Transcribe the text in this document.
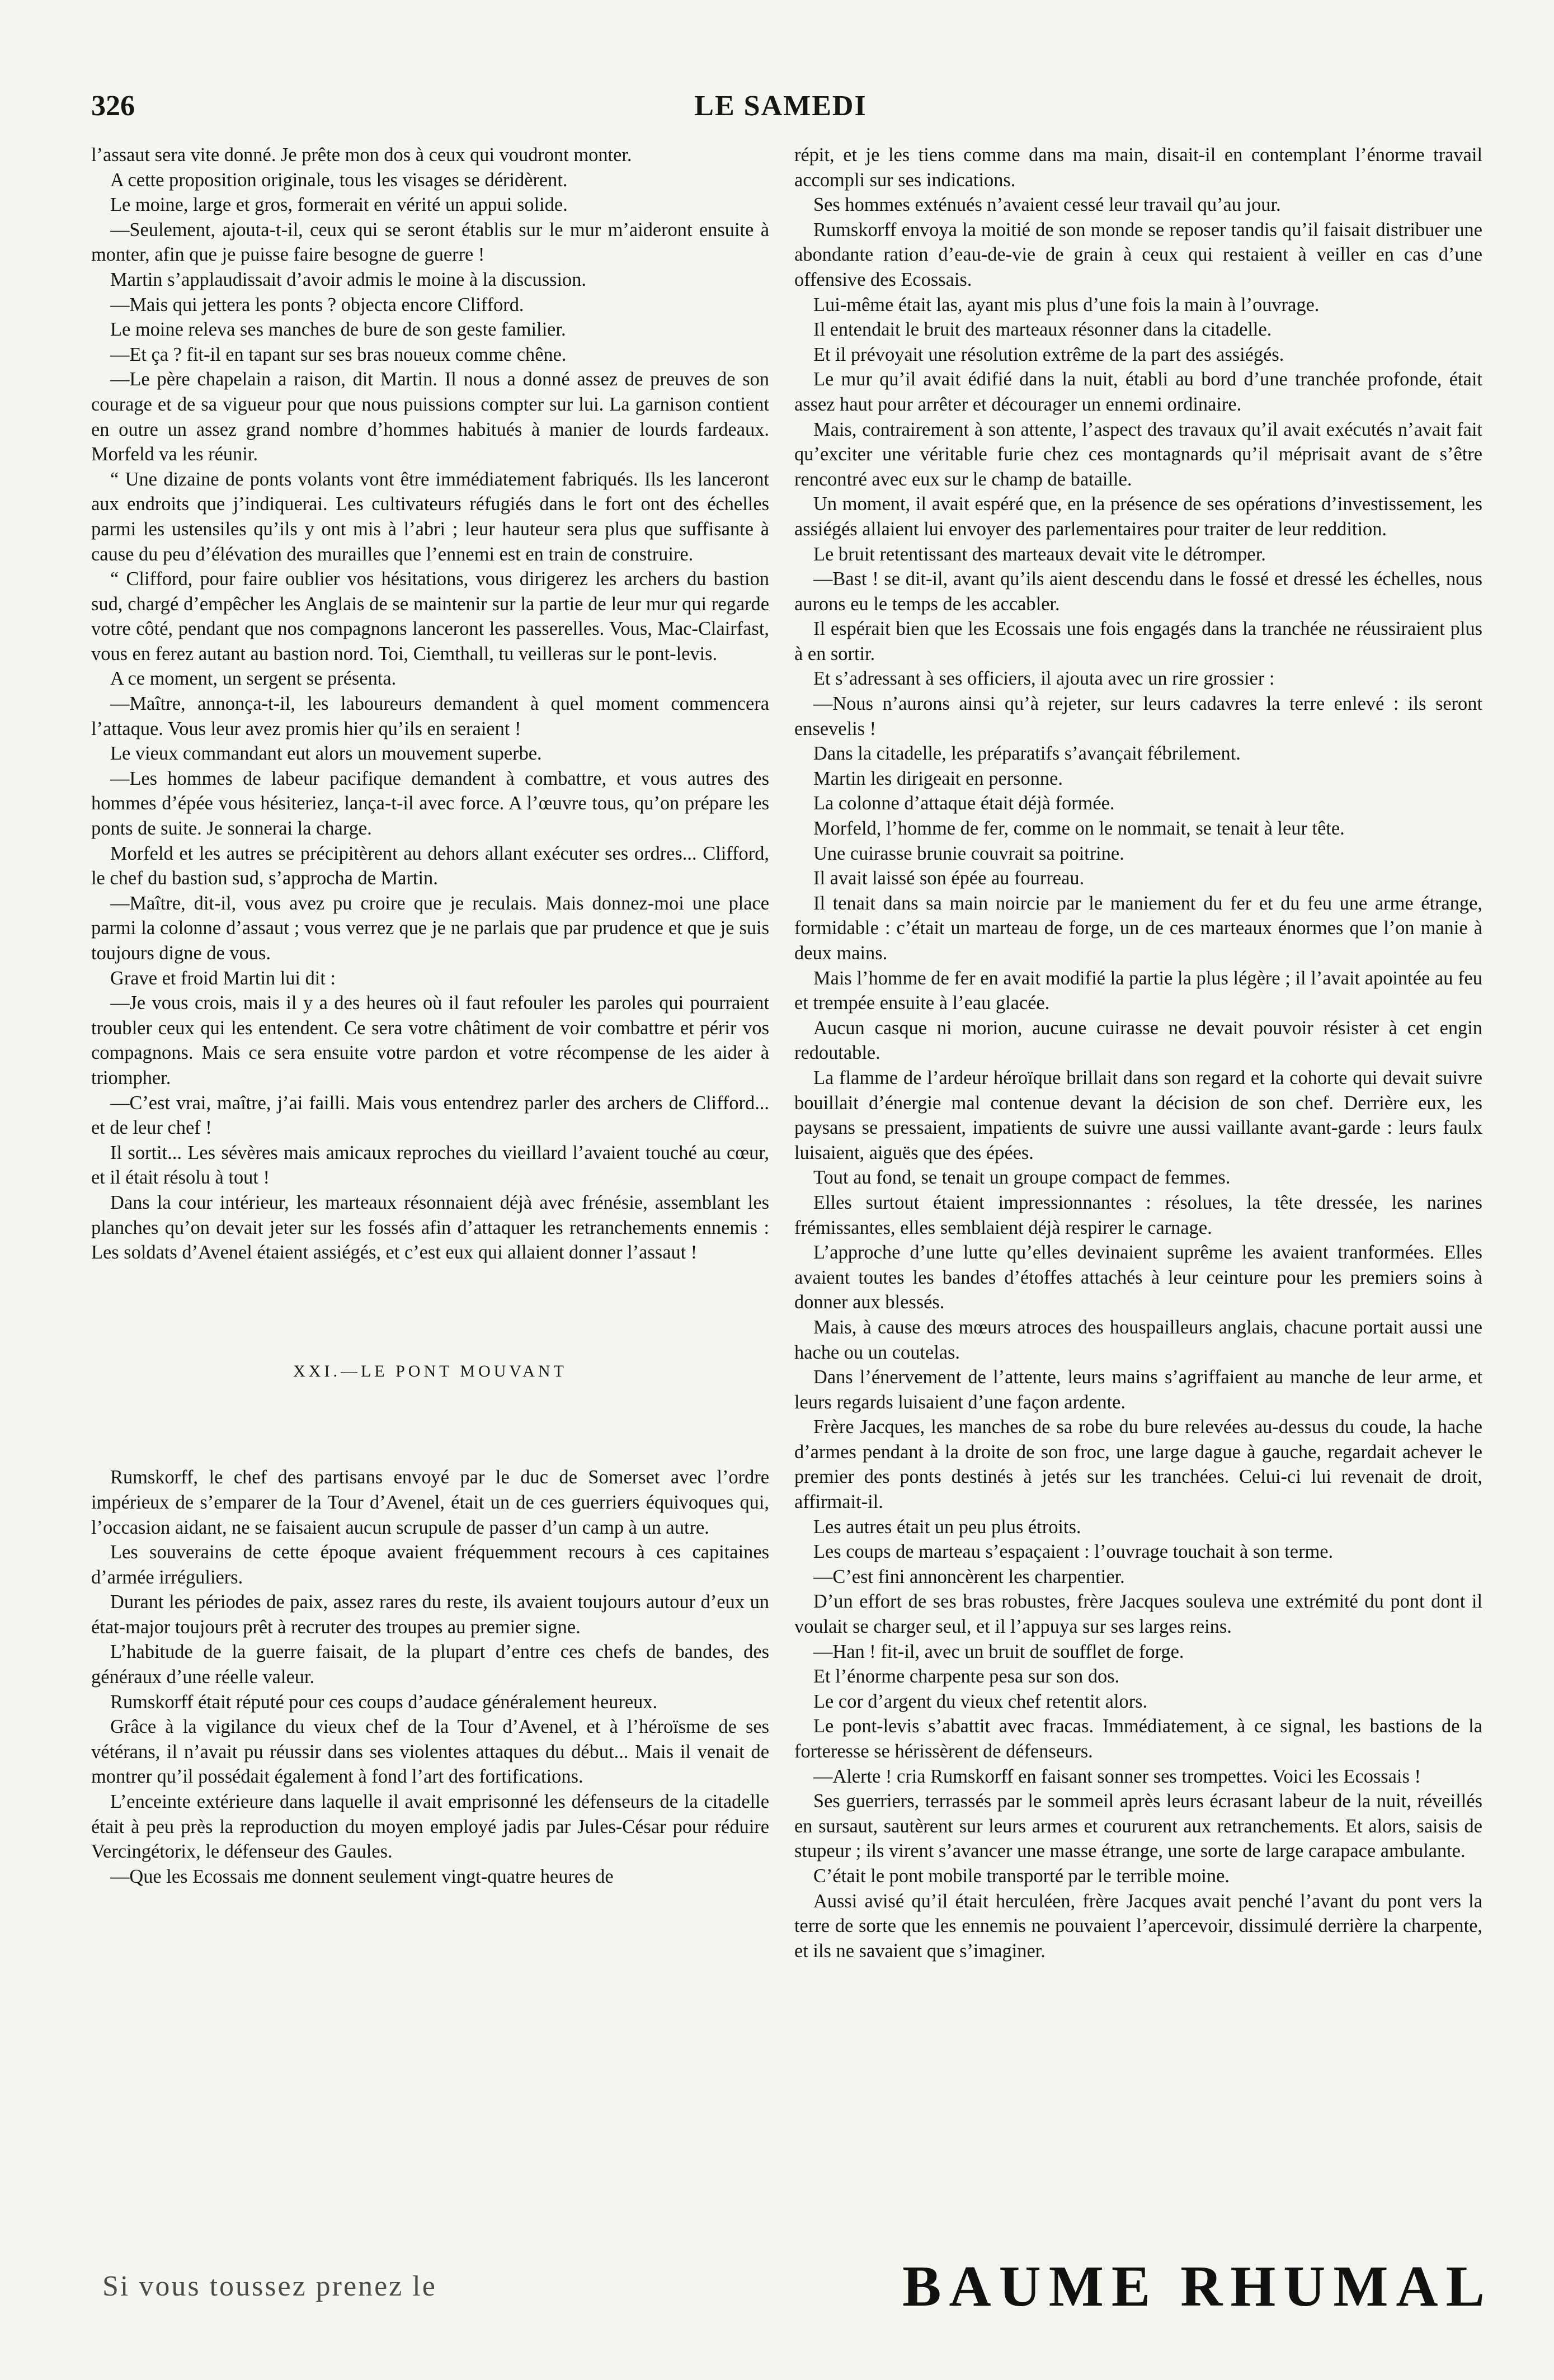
326	LE SAMEDI

l’assaut sera vite donné. Je prête mon dos à ceux qui voudront monter.

A cette proposition originale, tous les visages se déridèrent.

Le moine, large et gros, formerait en vérité un appui solide.

—Seulement, ajouta-t-il, ceux qui se seront établis sur le mur m’aideront ensuite à monter, afin que je puisse faire besogne de guerre !

Martin s’applaudissait d’avoir admis le moine à la discussion.

—Mais qui jettera les ponts ? objecta encore Clifford.

Le moine releva ses manches de bure de son geste familier.

—Et ça ? fit-il en tapant sur ses bras noueux comme chêne.

—Le père chapelain a raison, dit Martin. Il nous a donné assez de preuves de son courage et de sa vigueur pour que nous puissions compter sur lui. La garnison contient en outre un assez grand nombre d’hommes habitués à manier de lourds fardeaux. Morfeld va les réunir.

“ Une dizaine de ponts volants vont être immédiatement fabriqués. Ils les lanceront aux endroits que j’indiquerai. Les cultivateurs réfugiés dans le fort ont des échelles parmi les ustensiles qu’ils y ont mis à l’abri ; leur hauteur sera plus que suffisante à cause du peu d’élévation des murailles que l’ennemi est en train de construire.

“ Clifford, pour faire oublier vos hésitations, vous dirigerez les archers du bastion sud, chargé d’empêcher les Anglais de se maintenir sur la partie de leur mur qui regarde votre côté, pendant que nos compagnons lanceront les passerelles. Vous, Mac-Clairfast, vous en ferez autant au bastion nord. Toi, Ciemthall, tu veilleras sur le pont-levis.

A ce moment, un sergent se présenta.

—Maître, annonça-t-il, les laboureurs demandent à quel moment commencera l’attaque. Vous leur avez promis hier qu’ils en seraient !

Le vieux commandant eut alors un mouvement superbe.

—Les hommes de labeur pacifique demandent à combattre, et vous autres des hommes d’épée vous hésiteriez, lança-t-il avec force. A l’œuvre tous, qu’on prépare les ponts de suite. Je sonnerai la charge.

Morfeld et les autres se précipitèrent au dehors allant exécuter ses ordres... Clifford, le chef du bastion sud, s’approcha de Martin.

—Maître, dit-il, vous avez pu croire que je reculais. Mais donnez-moi une place parmi la colonne d’assaut ; vous verrez que je ne parlais que par prudence et que je suis toujours digne de vous.

Grave et froid Martin lui dit :

—Je vous crois, mais il y a des heures où il faut refouler les paroles qui pourraient troubler ceux qui les entendent. Ce sera votre châtiment de voir combattre et périr vos compagnons. Mais ce sera ensuite votre pardon et votre récompense de les aider à triompher.

—C’est vrai, maître, j’ai failli. Mais vous entendrez parler des archers de Clifford... et de leur chef !

Il sortit... Les sévères mais amicaux reproches du vieillard l’avaient touché au cœur, et il était résolu à tout !

Dans la cour intérieur, les marteaux résonnaient déjà avec frénésie, assemblant les planches qu’on devait jeter sur les fossés afin d’attaquer les retranchements ennemis : Les soldats d’Avenel étaient assiégés, et c’est eux qui allaient donner l’assaut !

XXI.—LE PONT MOUVANT

Rumskorff, le chef des partisans envoyé par le duc de Somerset avec l’ordre impérieux de s’emparer de la Tour d’Avenel, était un de ces guerriers équivoques qui, l’occasion aidant, ne se faisaient aucun scrupule de passer d’un camp à un autre.

Les souverains de cette époque avaient fréquemment recours à ces capitaines d’armée irréguliers.

Durant les périodes de paix, assez rares du reste, ils avaient toujours autour d’eux un état-major toujours prêt à recruter des troupes au premier signe.

L’habitude de la guerre faisait, de la plupart d’entre ces chefs de bandes, des généraux d’une réelle valeur.

Rumskorff était réputé pour ces coups d’audace généralement heureux.

Grâce à la vigilance du vieux chef de la Tour d’Avenel, et à l’héroïsme de ses vétérans, il n’avait pu réussir dans ses violentes attaques du début... Mais il venait de montrer qu’il possédait également à fond l’art des fortifications.

L’enceinte extérieure dans laquelle il avait emprisonné les défenseurs de la citadelle était à peu près la reproduction du moyen employé jadis par Jules-César pour réduire Vercingétorix, le défenseur des Gaules.

—Que les Ecossais me donnent seulement vingt-quatre heures de

répit, et je les tiens comme dans ma main, disait-il en contemplant l’énorme travail accompli sur ses indications.

Ses hommes exténués n’avaient cessé leur travail qu’au jour.

Rumskorff envoya la moitié de son monde se reposer tandis qu’il faisait distribuer une abondante ration d’eau-de-vie de grain à ceux qui restaient à veiller en cas d’une offensive des Ecossais.

Lui-même était las, ayant mis plus d’une fois la main à l’ouvrage.

Il entendait le bruit des marteaux résonner dans la citadelle.

Et il prévoyait une résolution extrême de la part des assiégés.

Le mur qu’il avait édifié dans la nuit, établi au bord d’une tranchée profonde, était assez haut pour arrêter et décourager un ennemi ordinaire.

Mais, contrairement à son attente, l’aspect des travaux qu’il avait exécutés n’avait fait qu’exciter une véritable furie chez ces montagnards qu’il méprisait avant de s’être rencontré avec eux sur le champ de bataille.

Un moment, il avait espéré que, en la présence de ses opérations d’investissement, les assiégés allaient lui envoyer des parlementaires pour traiter de leur reddition.

Le bruit retentissant des marteaux devait vite le détromper.

—Bast ! se dit-il, avant qu’ils aient descendu dans le fossé et dressé les échelles, nous aurons eu le temps de les accabler.

Il espérait bien que les Ecossais une fois engagés dans la tranchée ne réussiraient plus à en sortir.

Et s’adressant à ses officiers, il ajouta avec un rire grossier :

—Nous n’aurons ainsi qu’à rejeter, sur leurs cadavres la terre enlevé : ils seront ensevelis !

Dans la citadelle, les préparatifs s’avançait fébrilement.

Martin les dirigeait en personne.

La colonne d’attaque était déjà formée.

Morfeld, l’homme de fer, comme on le nommait, se tenait à leur tête.

Une cuirasse brunie couvrait sa poitrine.

Il avait laissé son épée au fourreau.

Il tenait dans sa main noircie par le maniement du fer et du feu une arme étrange, formidable : c’était un marteau de forge, un de ces marteaux énormes que l’on manie à deux mains.

Mais l’homme de fer en avait modifié la partie la plus légère ; il l’avait apointée au feu et trempée ensuite à l’eau glacée.

Aucun casque ni morion, aucune cuirasse ne devait pouvoir résister à cet engin redoutable.

La flamme de l’ardeur héroïque brillait dans son regard et la cohorte qui devait suivre bouillait d’énergie mal contenue devant la décision de son chef. Derrière eux, les paysans se pressaient, impatients de suivre une aussi vaillante avant-garde : leurs faulx luisaient, aiguës que des épées.

Tout au fond, se tenait un groupe compact de femmes.

Elles surtout étaient impressionnantes : résolues, la tête dressée, les narines frémissantes, elles semblaient déjà respirer le carnage.

L’approche d’une lutte qu’elles devinaient suprême les avaient tranformées. Elles avaient toutes les bandes d’étoffes attachés à leur ceinture pour les premiers soins à donner aux blessés.

Mais, à cause des mœurs atroces des houspailleurs anglais, chacune portait aussi une hache ou un coutelas.

Dans l’énervement de l’attente, leurs mains s’agriffaient au manche de leur arme, et leurs regards luisaient d’une façon ardente.

Frère Jacques, les manches de sa robe du bure relevées au-dessus du coude, la hache d’armes pendant à la droite de son froc, une large dague à gauche, regardait achever le premier des ponts destinés à jetés sur les tranchées. Celui-ci lui revenait de droit, affirmait-il.

Les autres était un peu plus étroits.

Les coups de marteau s’espaçaient : l’ouvrage touchait à son terme.

—C’est fini annoncèrent les charpentier.

D’un effort de ses bras robustes, frère Jacques souleva une extrémité du pont dont il voulait se charger seul, et il l’appuya sur ses larges reins.

—Han ! fit-il, avec un bruit de soufflet de forge.

Et l’énorme charpente pesa sur son dos.

Le cor d’argent du vieux chef retentit alors.

Le pont-levis s’abattit avec fracas. Immédiatement, à ce signal, les bastions de la forteresse se hérissèrent de défenseurs.

—Alerte ! cria Rumskorff en faisant sonner ses trompettes. Voici les Ecossais !

Ses guerriers, terrassés par le sommeil après leurs écrasant labeur de la nuit, réveillés en sursaut, sautèrent sur leurs armes et coururent aux retranchements. Et alors, saisis de stupeur ; ils virent s’avancer une masse étrange, une sorte de large carapace ambulante.

C’était le pont mobile transporté par le terrible moine.

Aussi avisé qu’il était herculéen, frère Jacques avait penché l’avant du pont vers la terre de sorte que les ennemis ne pouvaient l’apercevoir, dissimulé derrière la charpente, et ils ne savaient que s’imaginer.

Si vous toussez prenez le	BAUME RHUMAL
